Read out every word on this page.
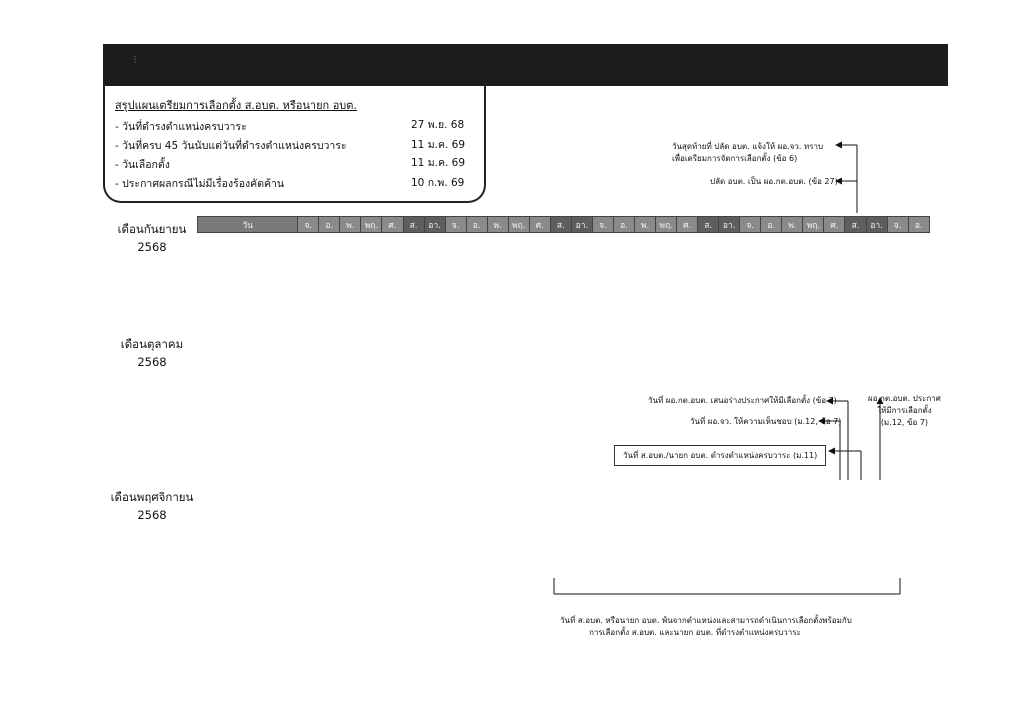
⋮
สรุปแผนเตรียมการเลือกตั้ง ส.อบต. หรือนายก อบต.
- วันที่ดำรงตำแหน่งครบวาระ	27 พ.ย. 68
- วันที่ครบ 45 วันนับแต่วันที่ดำรงตำแหน่งครบวาระ	11 ม.ค. 69
- วันเลือกตั้ง	11 ม.ค. 69
- ประกาศผลกรณีไม่มีเรื่องร้องคัดค้าน	10 ก.พ. 69
เดือนกันยายน
2568
เดือนตุลาคม
2568
เดือนพฤศจิกายน
2568
วัน	จ.	อ.	พ.	พฤ.	ศ.	ส.	อา.	จ.	อ.	พ.	พฤ.	ศ.	ส.	อา.	จ.	อ.	พ.	พฤ.	ศ.	ส.	อา.	จ.	อ.	พ.	พฤ.	ศ.	ส.	อา.	จ.	อ.
วันสุดท้ายที่ ปลัด อบต. แจ้งให้ ผอ.จว. ทราบ
เพื่อเตรียมการจัดการเลือกตั้ง (ข้อ 6)
ปลัด อบต. เป็น ผอ.กต.อบต. (ข้อ 27)
วันที่ ผอ.กต.อบต. เสนอร่างประกาศให้มีเลือกตั้ง (ข้อ 7)
วันที่ ผอ.จว. ให้ความเห็นชอบ (ม.12, ข้อ 7)
ผอ.กต.อบต. ประกาศ
ให้มีการเลือกตั้ง
(ม.12, ข้อ 7)
วันที่ ส.อบต./นายก อบต. ดำรงตำแหน่งครบวาระ (ม.11)
วันที่ ส.อบต. หรือนายก อบต. พ้นจากตำแหน่งและสามารถดำเนินการเลือกตั้งพร้อมกับ
การเลือกตั้ง ส.อบต. และนายก อบต. ที่ดำรงตำแหน่งครบวาระ
